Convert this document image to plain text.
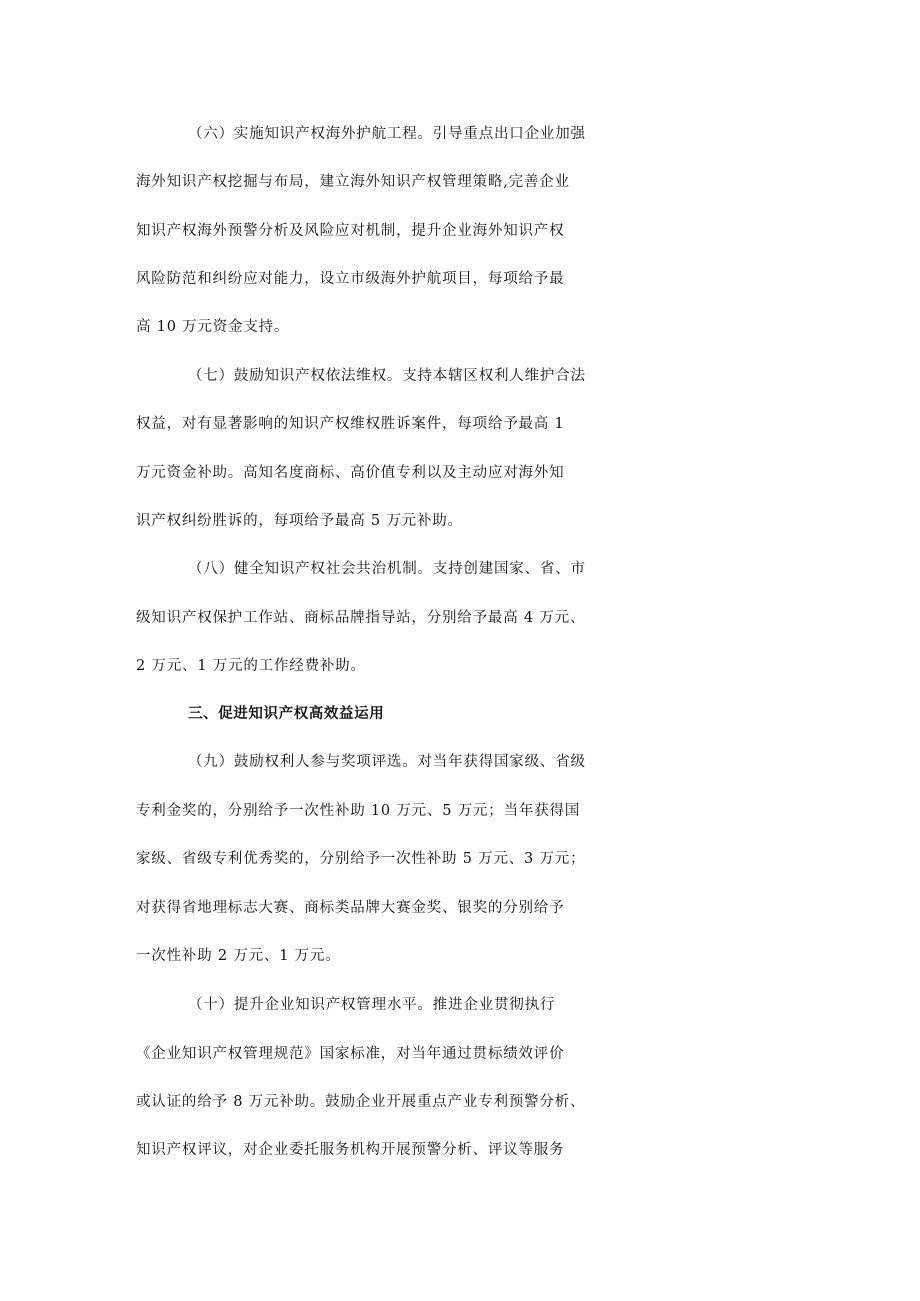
（六）实施知识产权海外护航工程。引导重点出口企业加强
海外知识产权挖掘与布局，建立海外知识产权管理策略,完善企业
知识产权海外预警分析及风险应对机制，提升企业海外知识产权
风险防范和纠纷应对能力，设立市级海外护航项目，每项给予最
高 10 万元资金支持。
（七）鼓励知识产权依法维权。支持本辖区权利人维护合法
权益，对有显著影响的知识产权维权胜诉案件，每项给予最高 1
万元资金补助。高知名度商标、高价值专利以及主动应对海外知
识产权纠纷胜诉的，每项给予最高 5 万元补助。
（八）健全知识产权社会共治机制。支持创建国家、省、市
级知识产权保护工作站、商标品牌指导站，分别给予最高 4 万元、
2 万元、1 万元的工作经费补助。
三、促进知识产权高效益运用
（九）鼓励权利人参与奖项评选。对当年获得国家级、省级
专利金奖的，分别给予一次性补助 10 万元、5 万元；当年获得国
家级、省级专利优秀奖的，分别给予一次性补助 5 万元、3 万元；
对获得省地理标志大赛、商标类品牌大赛金奖、银奖的分别给予
一次性补助 2 万元、1 万元。
（十）提升企业知识产权管理水平。推进企业贯彻执行
《企业知识产权管理规范》国家标准，对当年通过贯标绩效评价
或认证的给予 8 万元补助。鼓励企业开展重点产业专利预警分析、
知识产权评议，对企业委托服务机构开展预警分析、评议等服务
